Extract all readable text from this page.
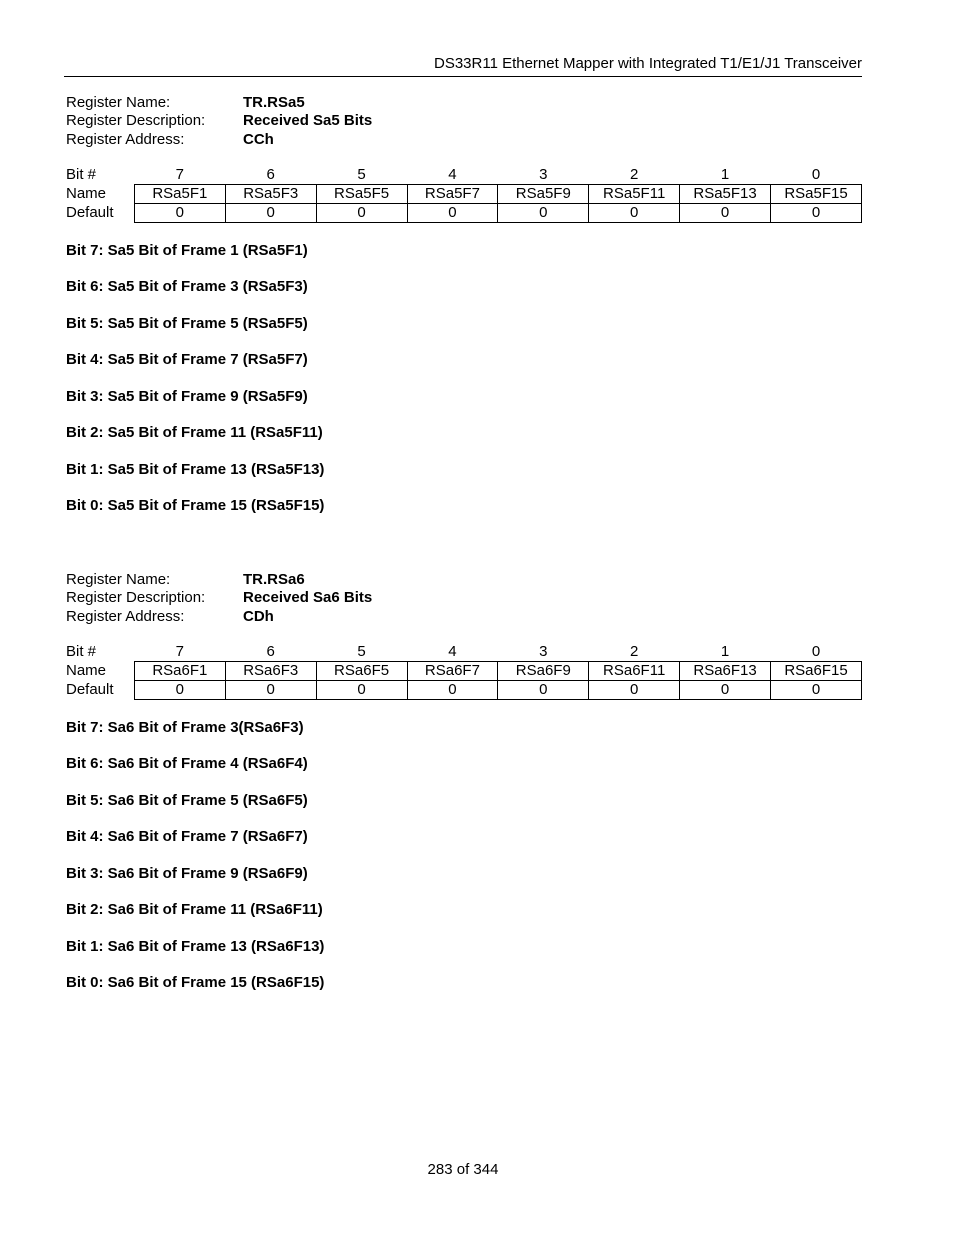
DS33R11 Ethernet Mapper with Integrated T1/E1/J1 Transceiver
Register Name:	TR.RSa5
Register Description:	Received Sa5 Bits
Register Address:	CCh
Bit #	7	6	5	4	3	2	1	0
Name	RSa5F1	RSa5F3	RSa5F5	RSa5F7	RSa5F9	RSa5F11	RSa5F13	RSa5F15
Default	0	0	0	0	0	0	0	0
Bit 7: Sa5 Bit of Frame 1 (RSa5F1)
Bit 6: Sa5 Bit of Frame 3 (RSa5F3)
Bit 5: Sa5 Bit of Frame 5 (RSa5F5)
Bit 4: Sa5 Bit of Frame 7 (RSa5F7)
Bit 3: Sa5 Bit of Frame 9 (RSa5F9)
Bit 2: Sa5 Bit of Frame 11 (RSa5F11)
Bit 1: Sa5 Bit of Frame 13 (RSa5F13)
Bit 0: Sa5 Bit of Frame 15 (RSa5F15)
Register Name:	TR.RSa6
Register Description:	Received Sa6 Bits
Register Address:	CDh
Bit #	7	6	5	4	3	2	1	0
Name	RSa6F1	RSa6F3	RSa6F5	RSa6F7	RSa6F9	RSa6F11	RSa6F13	RSa6F15
Default	0	0	0	0	0	0	0	0
Bit 7: Sa6 Bit of Frame 3(RSa6F3)
Bit 6: Sa6 Bit of Frame 4 (RSa6F4)
Bit 5: Sa6 Bit of Frame 5 (RSa6F5)
Bit 4: Sa6 Bit of Frame 7 (RSa6F7)
Bit 3: Sa6 Bit of Frame 9 (RSa6F9)
Bit 2: Sa6 Bit of Frame 11 (RSa6F11)
Bit 1: Sa6 Bit of Frame 13 (RSa6F13)
Bit 0: Sa6 Bit of Frame 15 (RSa6F15)
283 of 344
